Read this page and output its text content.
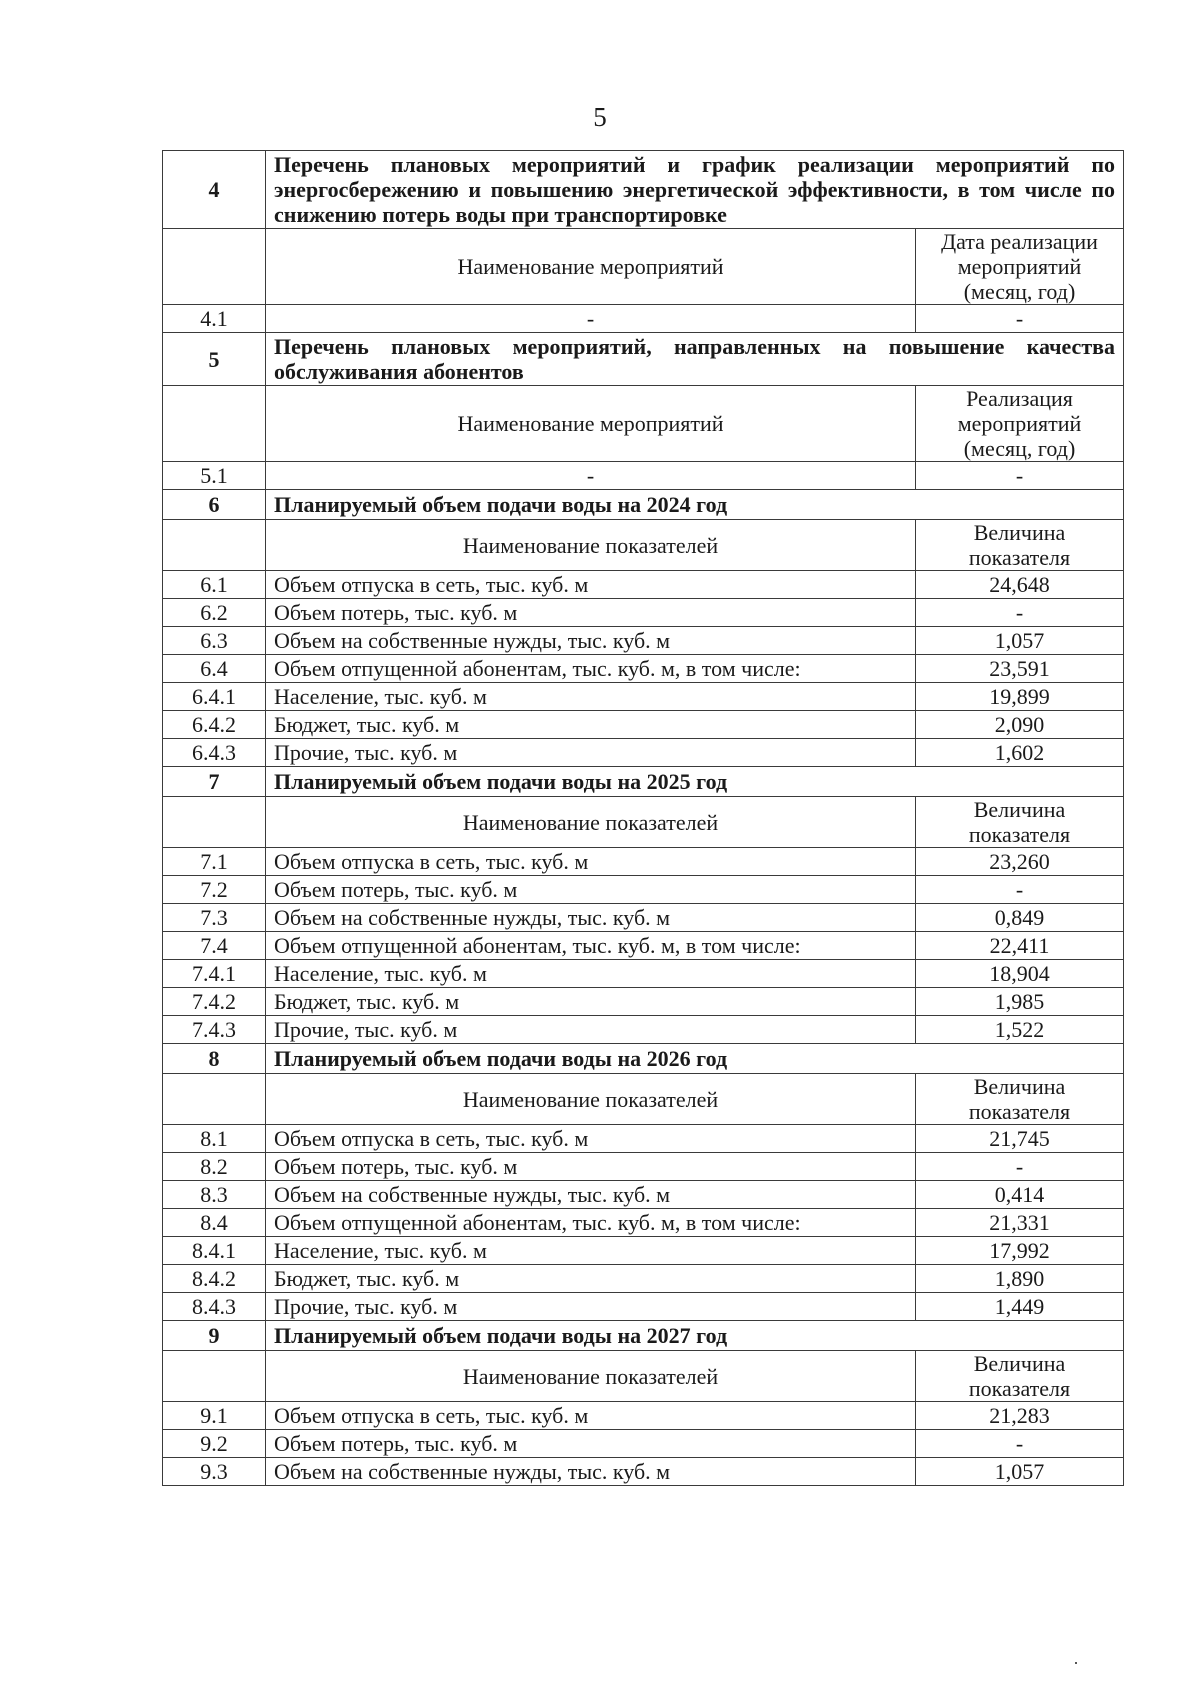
5
4	Перечень плановых мероприятий и график реализации мероприятий по энергосбережению и повышению энергетической эффективности, в том числе по снижению потерь воды при транспортировке	
	Наименование мероприятий	Дата реализации мероприятий (месяц, год)
4.1	-	-
5	Перечень плановых мероприятий, направленных на повышение качества обслуживания абонентов	
	Наименование мероприятий	Реализация мероприятий (месяц, год)
5.1	-	-
6	Планируемый объем подачи воды на 2024 год	
	Наименование показателей	Величина показателя
6.1	Объем отпуска в сеть, тыс. куб. м	24,648
6.2	Объем потерь, тыс. куб. м	-
6.3	Объем на собственные нужды, тыс. куб. м	1,057
6.4	Объем отпущенной абонентам, тыс. куб. м, в том числе:	23,591
6.4.1	Население, тыс. куб. м	19,899
6.4.2	Бюджет, тыс. куб. м	2,090
6.4.3	Прочие, тыс. куб. м	1,602
7	Планируемый объем подачи воды на 2025 год	
	Наименование показателей	Величина показателя
7.1	Объем отпуска в сеть, тыс. куб. м	23,260
7.2	Объем потерь, тыс. куб. м	-
7.3	Объем на собственные нужды, тыс. куб. м	0,849
7.4	Объем отпущенной абонентам, тыс. куб. м, в том числе:	22,411
7.4.1	Население, тыс. куб. м	18,904
7.4.2	Бюджет, тыс. куб. м	1,985
7.4.3	Прочие, тыс. куб. м	1,522
8	Планируемый объем подачи воды на 2026 год	
	Наименование показателей	Величина показателя
8.1	Объем отпуска в сеть, тыс. куб. м	21,745
8.2	Объем потерь, тыс. куб. м	-
8.3	Объем на собственные нужды, тыс. куб. м	0,414
8.4	Объем отпущенной абонентам, тыс. куб. м, в том числе:	21,331
8.4.1	Население, тыс. куб. м	17,992
8.4.2	Бюджет, тыс. куб. м	1,890
8.4.3	Прочие, тыс. куб. м	1,449
9	Планируемый объем подачи воды на 2027 год	
	Наименование показателей	Величина показателя
9.1	Объем отпуска в сеть, тыс. куб. м	21,283
9.2	Объем потерь, тыс. куб. м	-
9.3	Объем на собственные нужды, тыс. куб. м	1,057
